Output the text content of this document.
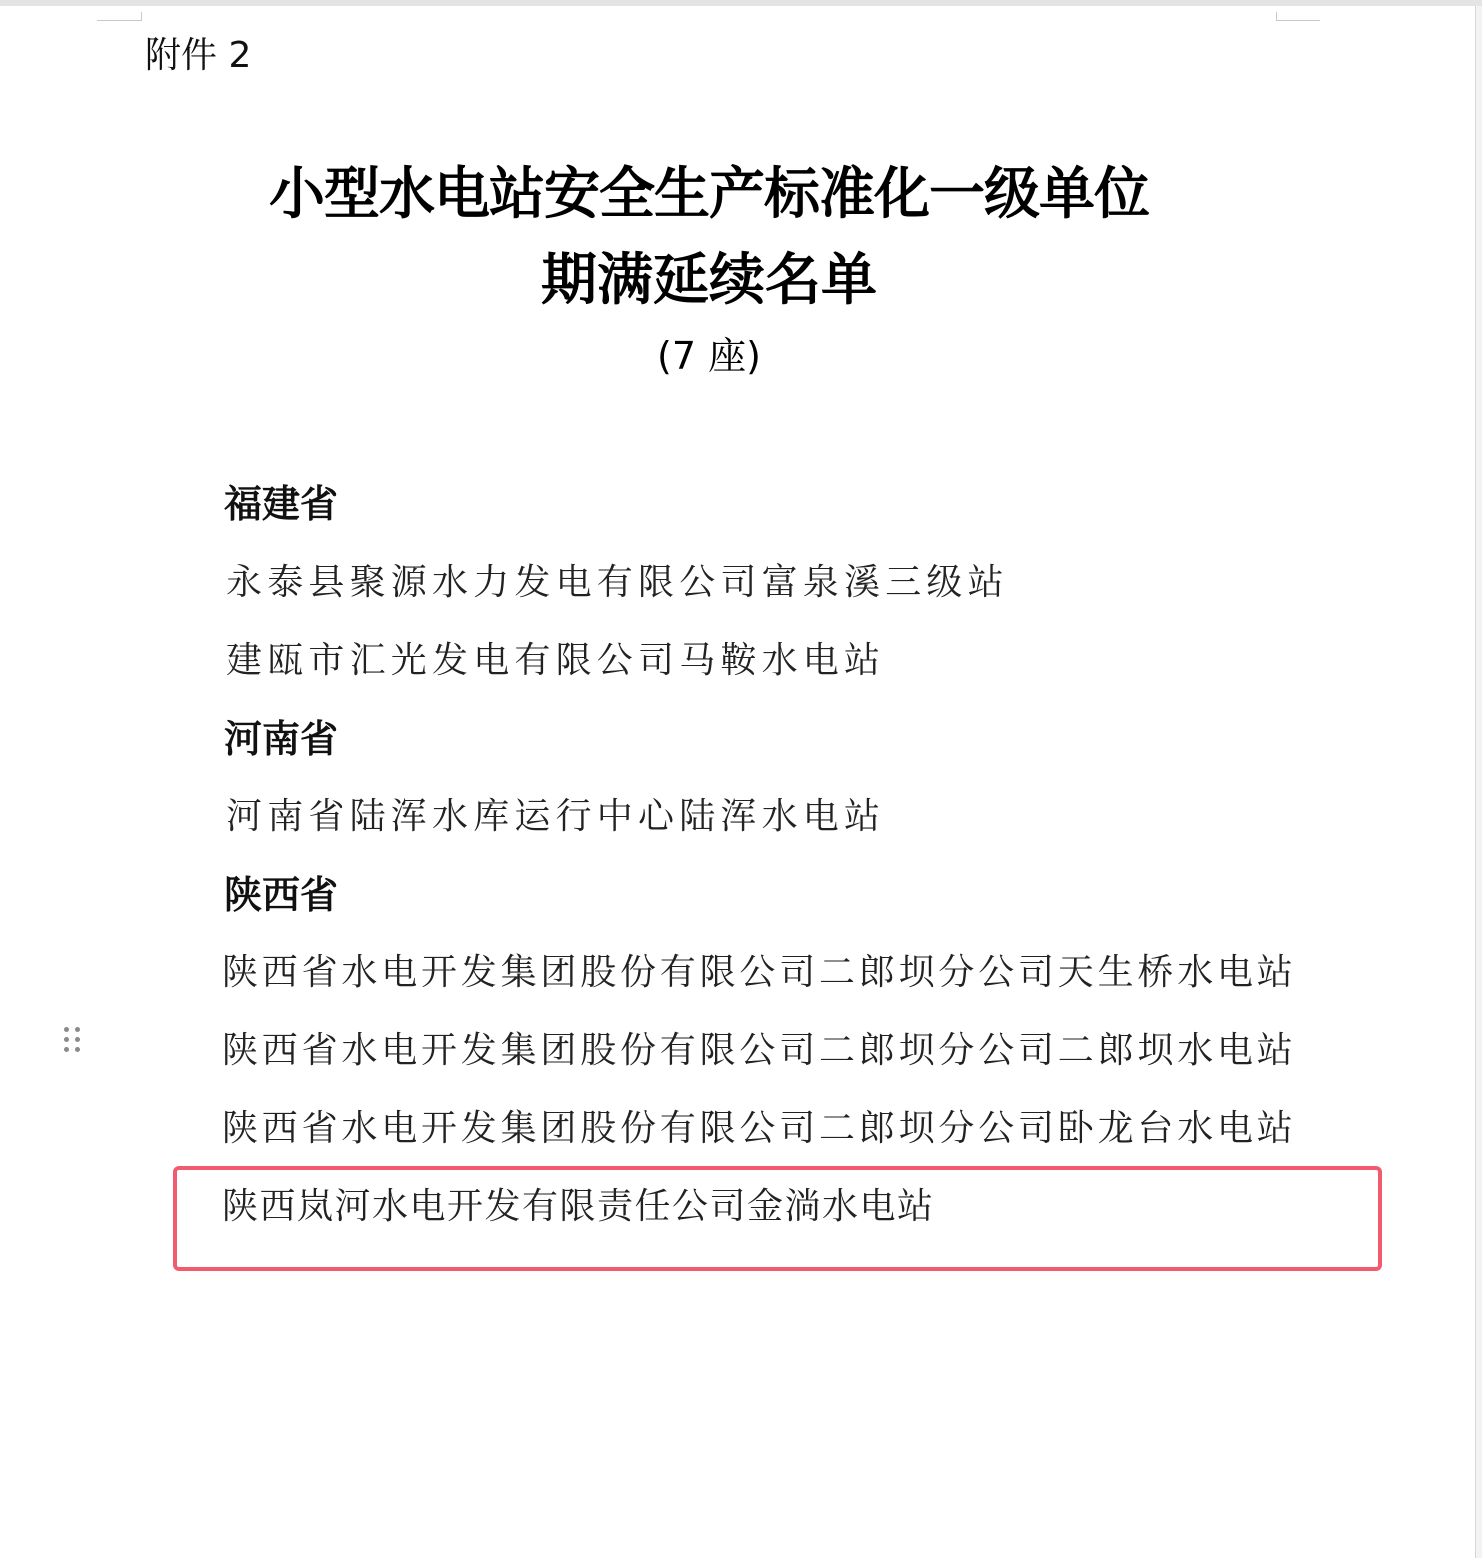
附件 2
小型水电站安全生产标准化一级单位
期满延续名单
(7 座)
福建省
永泰县聚源水力发电有限公司富泉溪三级站
建瓯市汇光发电有限公司马鞍水电站
河南省
河南省陆浑水库运行中心陆浑水电站
陕西省
陕西省水电开发集团股份有限公司二郎坝分公司天生桥水电站
陕西省水电开发集团股份有限公司二郎坝分公司二郎坝水电站
陕西省水电开发集团股份有限公司二郎坝分公司卧龙台水电站
陕西岚河水电开发有限责任公司金淌水电站
